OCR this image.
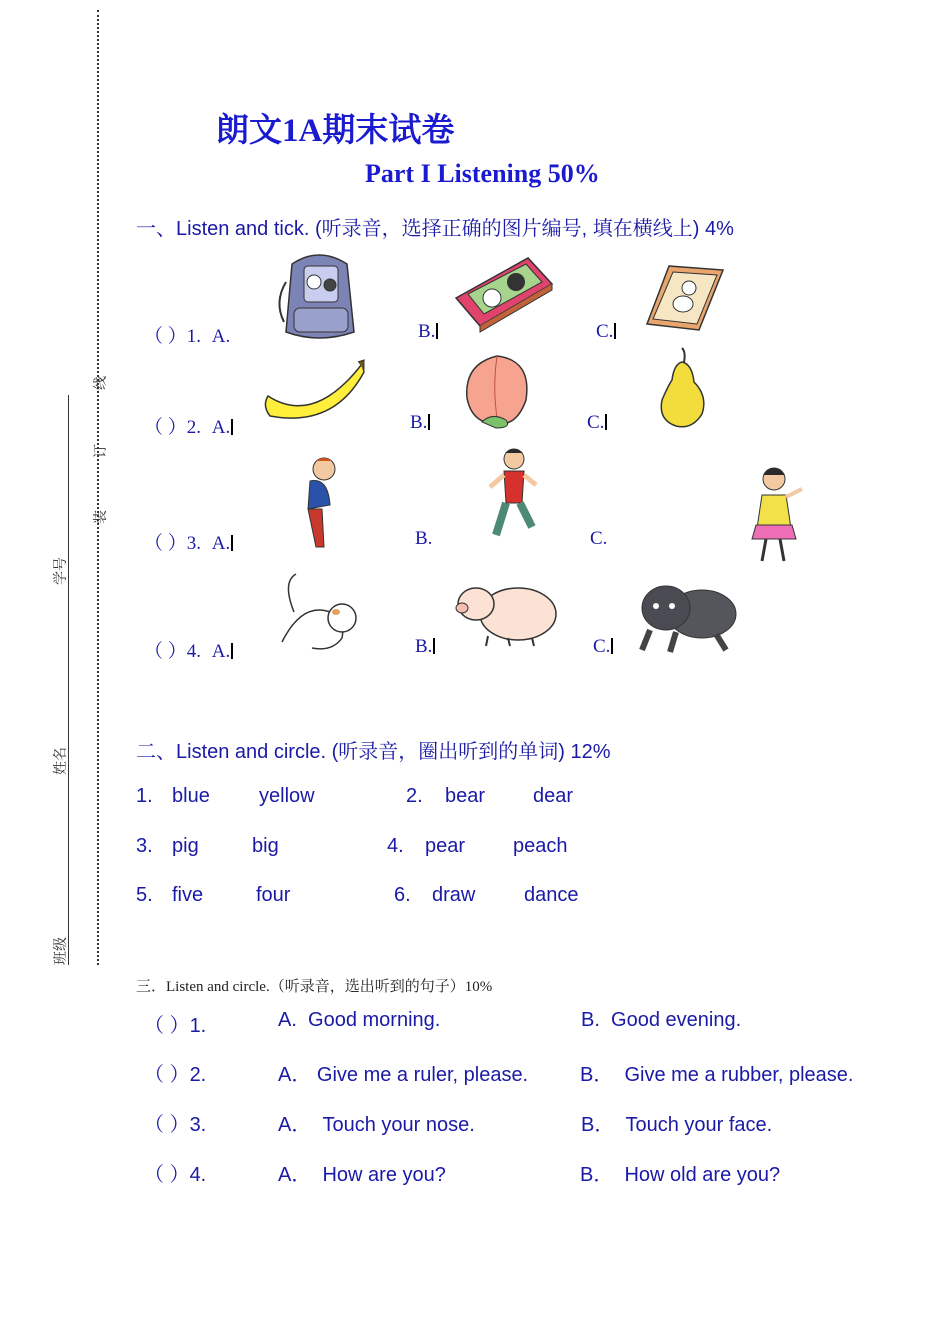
线
订
装
学号
姓名
班级
朗文1A期末试卷
Part I Listening 50%
一、Listen and tick. (听录音，选择正确的图片编号, 填在横线上) 4%
（ ）1. A.	B.	C.
（ ）2. A.	B.	C.
（ ）3. A.	B.	C.
（ ）4. A.	B.	C.
二、Listen and circle. (听录音，圈出听到的单词) 12%
1. blue yellow	2. bear dear
3. pig	big	4. pear peach
5. five	four	6. draw dance
三．Listen and circle.（听录音，选出听到的句子）10%
（ ）1.	A. Good morning.	B. Good evening.
（ ）2.	A． Give me a ruler, please.	B． Give me a rubber, please.
（ ）3.	A． Touch your nose.	B． Touch your face.
（ ）4.	A． How are you?	B． How old are you?
